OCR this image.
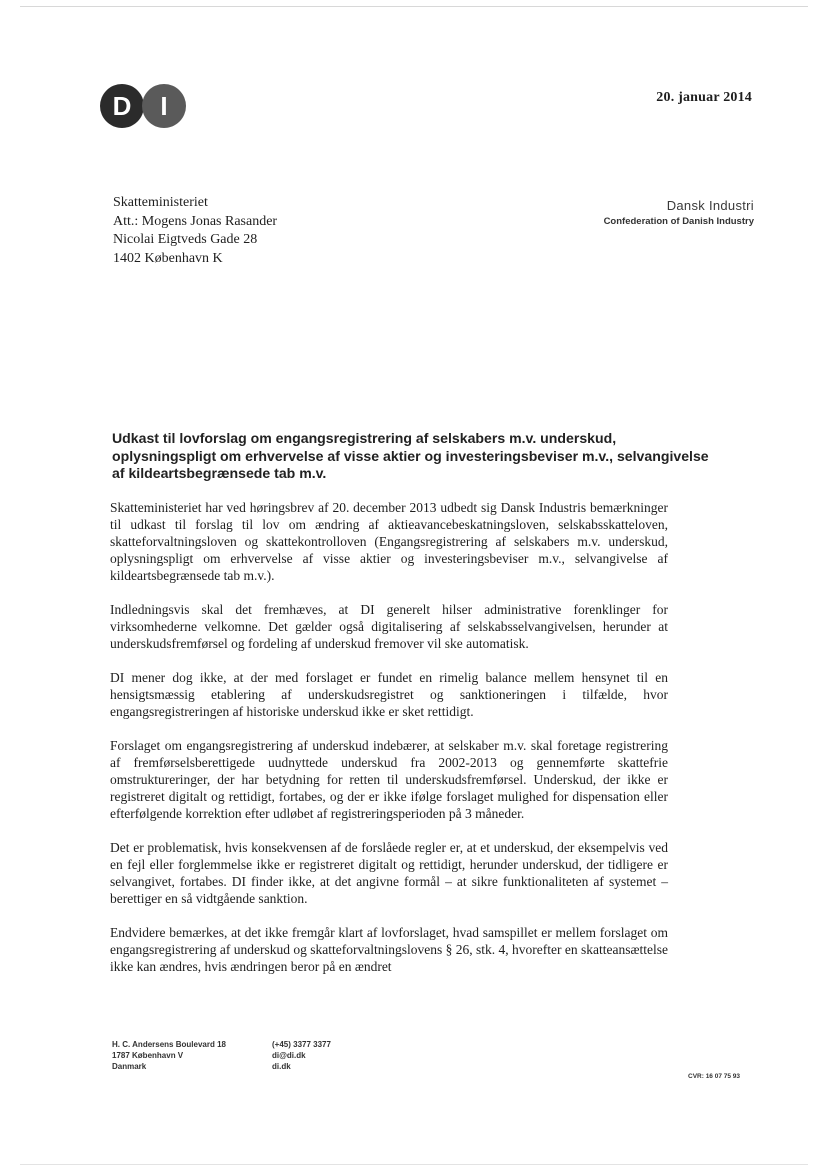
D	I	20. januar 2014
Skatteministeriet
Att.: Mogens Jonas Rasander
Nicolai Eigtveds Gade 28
1402 København K
Dansk Industri
Confederation of Danish Industry
Udkast til lovforslag om engangsregistrering af selskabers m.v. underskud, oplysningspligt om erhvervelse af visse aktier og investeringsbeviser m.v., selvangivelse af kildeartsbegrænsede tab m.v.

Skatteministeriet har ved høringsbrev af 20. december 2013 udbedt sig Dansk Industris bemærkninger til udkast til forslag til lov om ændring af aktieavancebeskatningsloven, selskabsskatteloven, skatteforvaltningsloven og skattekontrolloven (Engangsregistrering af selskabers m.v. underskud, oplysningspligt om erhvervelse af visse aktier og investeringsbeviser m.v., selvangivelse af kildeartsbegrænsede tab m.v.).

Indledningsvis skal det fremhæves, at DI generelt hilser administrative forenklinger for virksomhederne velkomne. Det gælder også digitalisering af selskabsselvangivelsen, herunder at underskudsfremførsel og fordeling af underskud fremover vil ske automatisk.

DI mener dog ikke, at der med forslaget er fundet en rimelig balance mellem hensynet til en hensigtsmæssig etablering af underskudsregistret og sanktioneringen i tilfælde, hvor engangsregistreringen af historiske underskud ikke er sket rettidigt.

Forslaget om engangsregistrering af underskud indebærer, at selskaber m.v. skal foretage registrering af fremførselsberettigede uudnyttede underskud fra 2002-2013 og gennemførte skattefrie omstruktureringer, der har betydning for retten til underskudsfremførsel. Underskud, der ikke er registreret digitalt og rettidigt, fortabes, og der er ikke ifølge forslaget mulighed for dispensation eller efterfølgende korrektion efter udløbet af registreringsperioden på 3 måneder.

Det er problematisk, hvis konsekvensen af de forslåede regler er, at et underskud, der eksempelvis ved en fejl eller forglemmelse ikke er registreret digitalt og rettidigt, herunder underskud, der tidligere er selvangivet, fortabes. DI finder ikke, at det angivne formål – at sikre funktionaliteten af systemet – berettiger en så vidtgående sanktion.

Endvidere bemærkes, at det ikke fremgår klart af lovforslaget, hvad samspillet er mellem forslaget om engangsregistrering af underskud og skatteforvaltningslovens § 26, stk. 4, hvorefter en skatteansættelse ikke kan ændres, hvis ændringen beror på en ændret

H. C. Andersens Boulevard 18
1787 København V
Danmark
(+45) 3377 3377
di@di.dk
di.dk
CVR: 16 07 75 93
